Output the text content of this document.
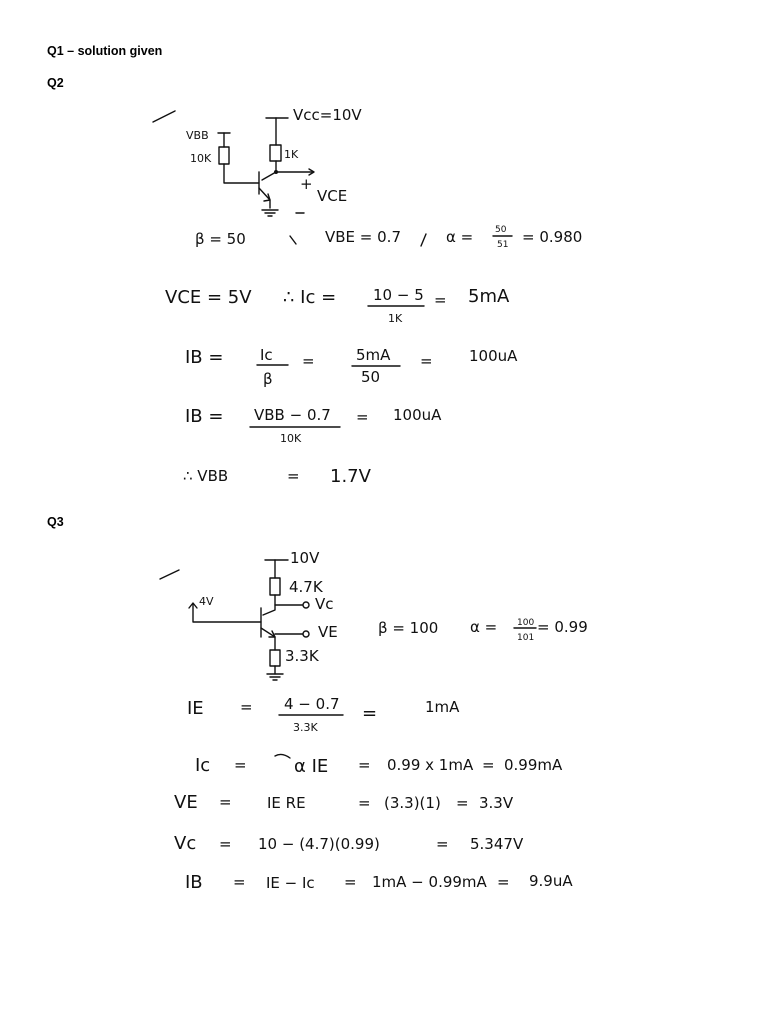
Q1 – solution given
Q2
Q3
Vcc=10V
VBB
10K	1K
+
VCE
β = 50	VBE = 0.7	α = 50
51 = 0.980
VCE = 5V ∴ Ic = 10 − 5
1K
= 5mA
IB = Ic
β
=	5mA
50
= 100uA
IB = VBB − 0.7
10K
= 100uA
∴ VBB	= 1.7V
10V
4.7K
Vc
4V
VE
3.3K
β = 100 α = 100
101
= 0.99
IE = 4 − 0.7
3.3K
=	1mA
Ic =	α IE = 0.99 x 1mA = 0.99mA
VE = IE RE	= (3.3)(1) = 3.3V
Vc = 10 − (4.7)(0.99)	= 5.347V
IB = IE − Ic = 1mA − 0.99mA = 9.9uA
